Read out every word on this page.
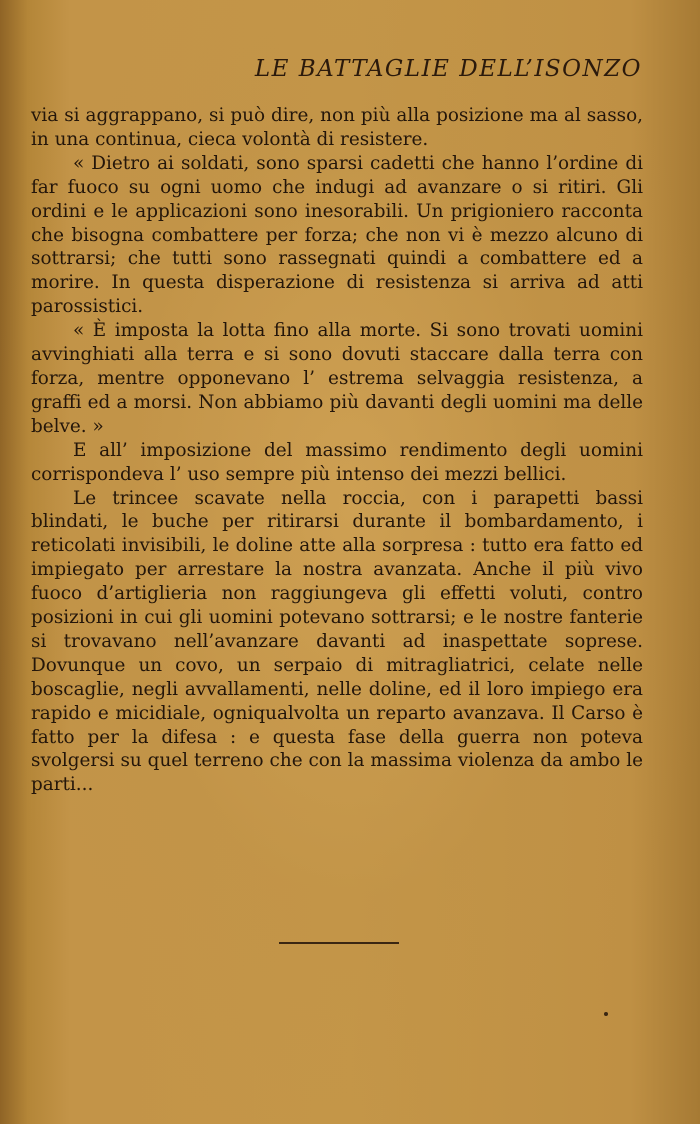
LE BATTAGLIE DELL’ISONZO

via si aggrappano, si può dire, non più alla posizione ma al sasso, in una continua, cieca volontà di resistere.

« Dietro ai soldati, sono sparsi cadetti che hanno l’ordine di far fuoco su ogni uomo che indugi ad avanzare o si ritiri. Gli ordini e le applicazioni sono inesorabili. Un prigioniero racconta che bisogna combattere per forza; che non vi è mezzo alcuno di sottrarsi; che tutti sono rassegnati quindi a combattere ed a morire. In questa disperazione di resistenza si arriva ad atti parossistici.

« È imposta la lotta fino alla morte. Si sono trovati uomini avvinghiati alla terra e si sono dovuti staccare dalla terra con forza, mentre opponevano l’ estrema selvaggia resistenza, a graffi ed a morsi. Non abbiamo più davanti degli uomini ma delle belve. »

E all’ imposizione del massimo rendimento degli uomini corrispondeva l’ uso sempre più intenso dei mezzi bellici.

Le trincee scavate nella roccia, con i parapetti bassi blindati, le buche per ritirarsi durante il bombardamento, i reticolati invisibili, le doline atte alla sorpresa : tutto era fatto ed impiegato per arrestare la nostra avanzata. Anche il più vivo fuoco d’artiglieria non raggiungeva gli effetti voluti, contro posizioni in cui gli uomini potevano sottrarsi; e le nostre fanterie si trovavano nell’avanzare davanti ad inaspettate sopresе. Dovunque un covo, un serpaio di mitragliatrici, celate nelle boscaglie, negli avvallamenti, nelle doline, ed il loro impiego era rapido e micidiale, ogniqualvolta un reparto avanzava. Il Carso è fatto per la difesa : e questa fase della guerra non poteva svolgersi su quel terreno che con la massima violenza da ambo le parti...
